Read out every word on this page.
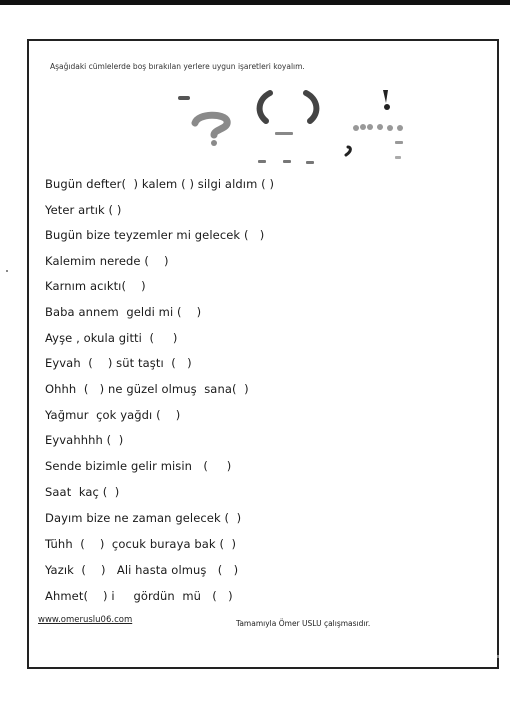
Aşağıdaki cümlelerde boş bırakılan yerlere uygun işaretleri koyalım.
Bugün defter(  ) kalem ( ) silgi aldım ( )
Yeter artık ( )
Bugün bize teyzemler mi gelecek (   )
Kalemim nerede (    )
Karnım acıktı(    )
Baba annem  geldi mi (    )
Ayşe , okula gitti  (     )
Eyvah  (    ) süt taştı  (   )
Ohhh  (   ) ne güzel olmuş  sana(  )
Yağmur  çok yağdı (    )
Eyvahhhh (  )
Sende bizimle gelir misin   (     )
Saat  kaç (  )
Dayım bize ne zaman gelecek (  )
Tühh  (    )  çocuk buraya bak (  )
Yazık  (    )   Ali hasta olmuş   (   )
Ahmet(    ) i     gördün  mü   (   )
www.omeruslu06.com	Tamamıyla Ömer USLU çalışmasıdır.
